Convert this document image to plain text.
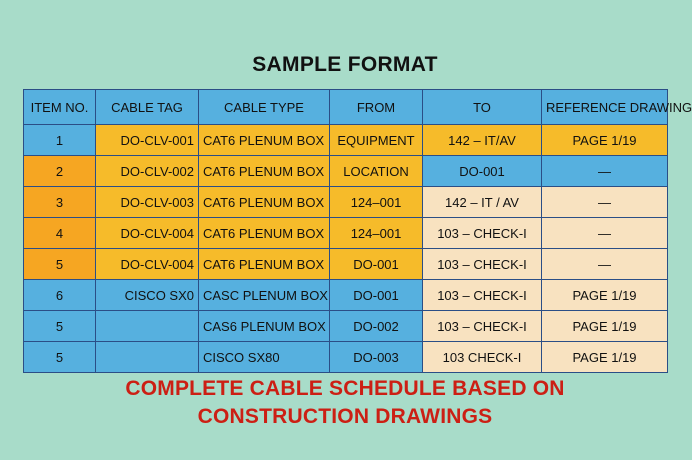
SAMPLE FORMAT
ITEM NO.	CABLE TAG	CABLE TYPE	FROM	TO	REFERENCE DRAWING
1	DO-CLV-001	CAT6 PLENUM BOX	EQUIPMENT	142 – IT/AV	PAGE 1/19
2	DO-CLV-002	CAT6 PLENUM BOX	LOCATION	DO-001	—
3	DO-CLV-003	CAT6 PLENUM BOX	124–001	142 – IT / AV	—
4	DO-CLV-004	CAT6 PLENUM BOX	124–001	103 – CHECK-I	—
5	DO-CLV-004	CAT6 PLENUM BOX	DO-001	103 – CHECK-I	—
6	CISCO SX0	CASC PLENUM BOX	DO-001	103 – CHECK-I	PAGE 1/19
5		CAS6 PLENUM BOX	DO-002	103 – CHECK-I	PAGE 1/19
5		CISCO SX80	DO-003	103 CHECK-I	PAGE 1/19
COMPLETE CABLE SCHEDULE BASED ON
CONSTRUCTION DRAWINGS
